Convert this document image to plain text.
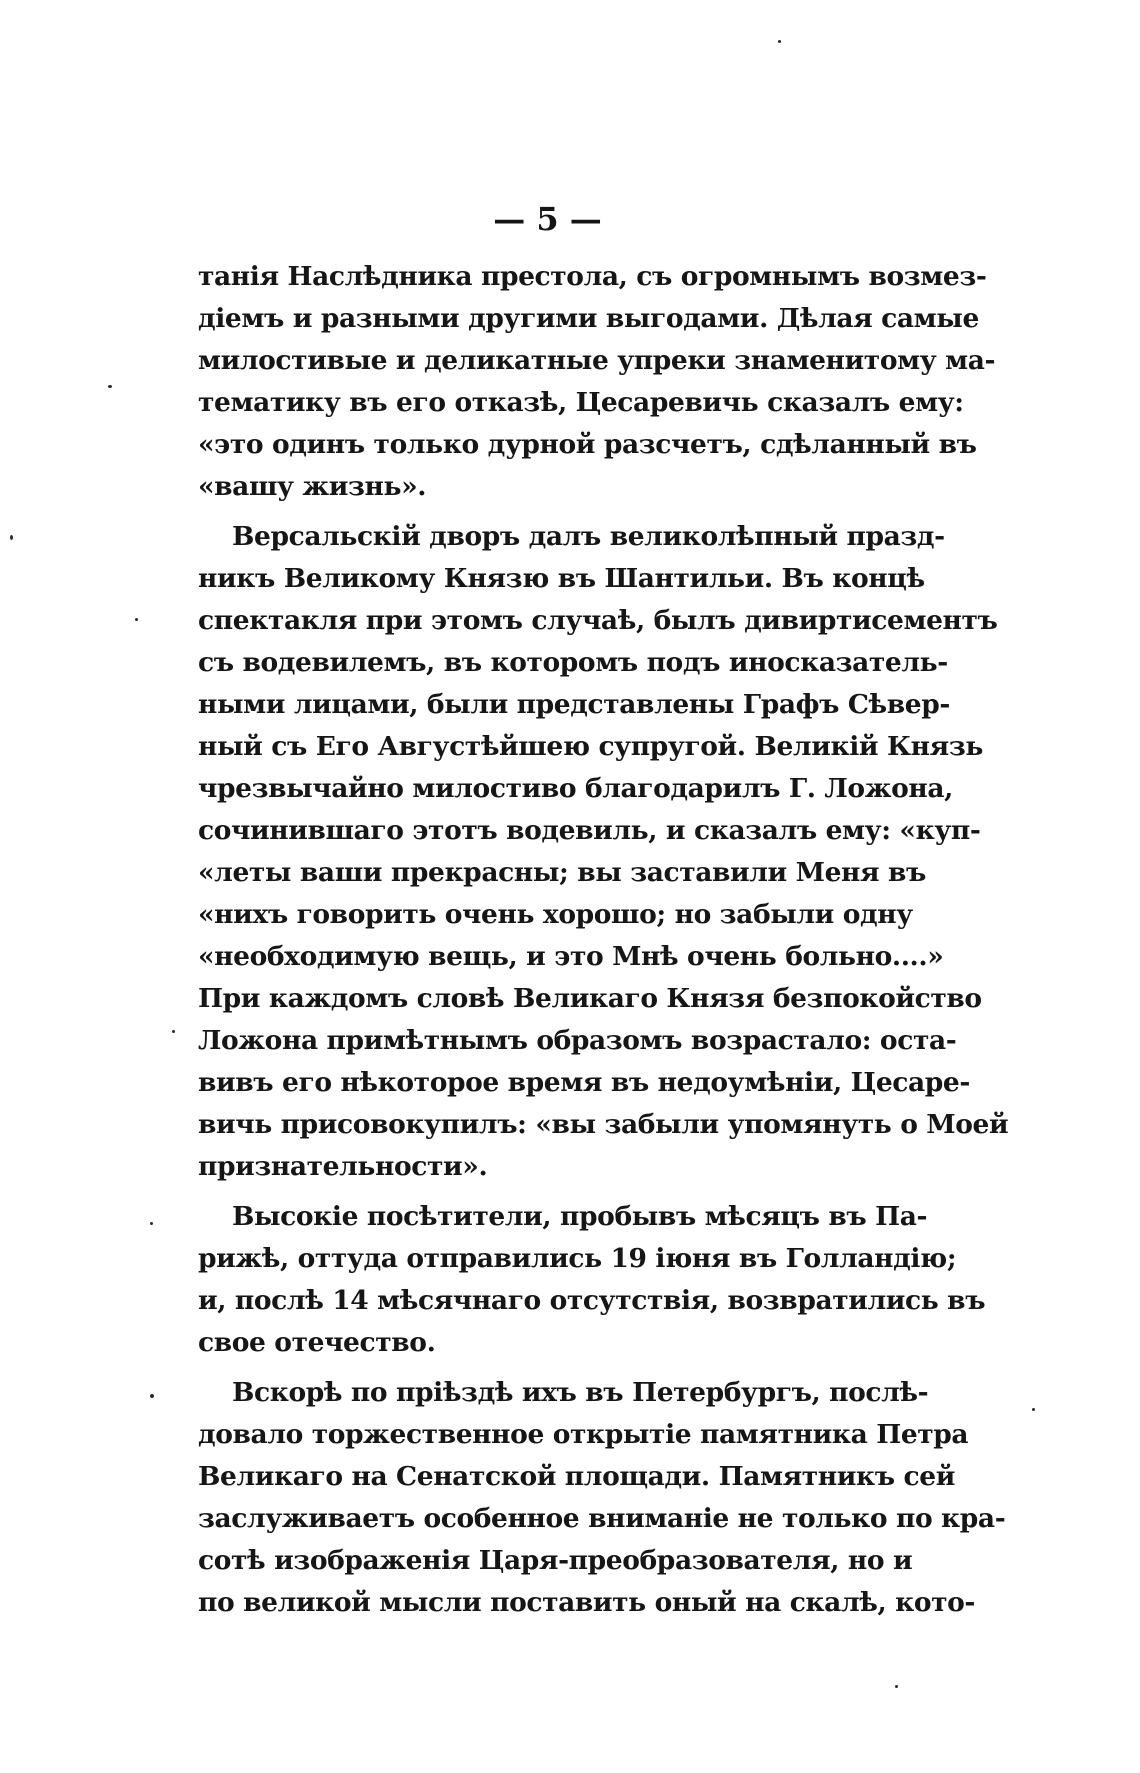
— 5 —
танія Наслѣдника престола, съ огромнымъ возмез-
діемъ и разными другими выгодами. Дѣлая самые
милостивые и деликатные упреки знаменитому ма-
тематику въ его отказѣ, Цесаревичь сказалъ ему:
«это одинъ только дурной разсчетъ, сдѣланный въ
«вашу жизнь».
Версальскій дворъ далъ великолѣпный празд-
никъ Великому Князю въ Шантильи. Въ концѣ
спектакля при этомъ случаѣ, былъ дивиртисементъ
съ водевилемъ, въ которомъ подъ иносказатель-
ными лицами, были представлены Графъ Сѣвер-
ный съ Его Августѣйшею супругой. Великій Князь
чрезвычайно милостиво благодарилъ Г. Ложона,
сочинившаго этотъ водевиль, и сказалъ ему: «куп-
«леты ваши прекрасны; вы заставили Меня въ
«нихъ говорить очень хорошо; но забыли одну
«необходимую вещь, и это Мнѣ очень больно....»
При каждомъ словѣ Великаго Князя безпокойство
Ложона примѣтнымъ образомъ возрастало: оста-
вивъ его нѣкоторое время въ недоумѣніи, Цесаре-
вичь присовокупилъ: «вы забыли упомянуть о Моей
признательности».
Высокіе посѣтители, пробывъ мѣсяцъ въ Па-
рижѣ, оттуда отправились 19 іюня въ Голландію;
и, послѣ 14 мѣсячнаго отсутствія, возвратились въ
свое отечество.
Вскорѣ по пріѣздѣ ихъ въ Петербургъ, послѣ-
довало торжественное открытіе памятника Петра
Великаго на Сенатской площади. Памятникъ сей
заслуживаетъ особенное вниманіе не только по кра-
сотѣ изображенія Царя-преобразователя, но и
по великой мысли поставить оный на скалѣ, кото-
